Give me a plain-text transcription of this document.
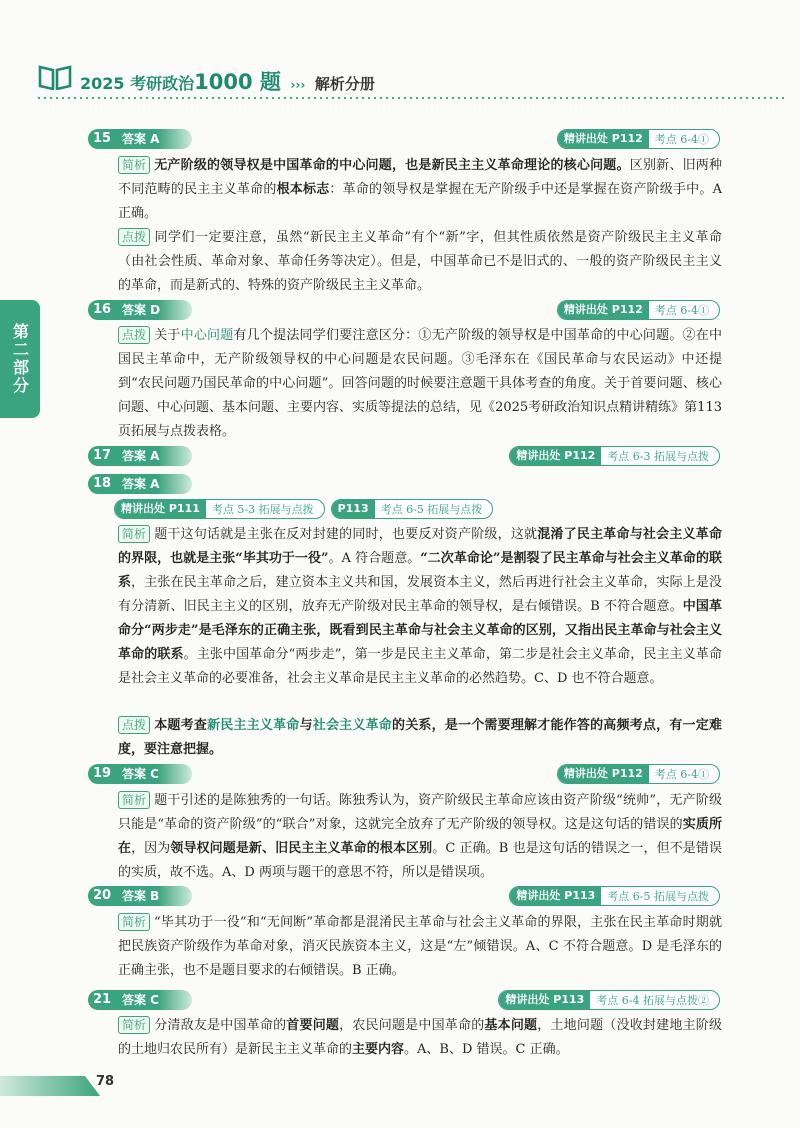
2025 考研政治1000 题 ››› 解析分册
第二部分
15 答案 A	精讲出处 P112	考点 6-4①
简析 无产阶级的领导权是中国革命的中心问题，也是新民主主义革命理论的核心问题。区别新、旧两种不同范畴的民主主义革命的根本标志：革命的领导权是掌握在无产阶级手中还是掌握在资产阶级手中。A 正确。
点拨 同学们一定要注意，虽然“新民主主义革命”有个“新”字，但其性质依然是资产阶级民主主义革命（由社会性质、革命对象、革命任务等决定）。但是，中国革命已不是旧式的、一般的资产阶级民主主义的革命，而是新式的、特殊的资产阶级民主主义革命。
16 答案 D	精讲出处 P112	考点 6-4①
点拨 关于中心问题有几个提法同学们要注意区分：①无产阶级的领导权是中国革命的中心问题。②在中国民主革命中，无产阶级领导权的中心问题是农民问题。③毛泽东在《国民革命与农民运动》中还提到“农民问题乃国民革命的中心问题”。回答问题的时候要注意题干具体考查的角度。关于首要问题、核心问题、中心问题、基本问题、主要内容、实质等提法的总结，见《2025考研政治知识点精讲精练》第113页拓展与点拨表格。
17 答案 A	精讲出处 P112	考点 6-3 拓展与点拨
18 答案 A
精讲出处 P111	考点 5-3 拓展与点拨	P113	考点 6-5 拓展与点拨
简析 题干这句话就是主张在反对封建的同时，也要反对资产阶级，这就混淆了民主革命与社会主义革命的界限，也就是主张“毕其功于一役”。A 符合题意。“二次革命论”是割裂了民主革命与社会主义革命的联系，主张在民主革命之后，建立资本主义共和国，发展资本主义，然后再进行社会主义革命，实际上是没有分清新、旧民主主义的区别，放弃无产阶级对民主革命的领导权，是右倾错误。B 不符合题意。中国革命分“两步走”是毛泽东的正确主张，既看到民主革命与社会主义革命的区别，又指出民主革命与社会主义革命的联系。主张中国革命分“两步走”，第一步是民主主义革命，第二步是社会主义革命，民主主义革命是社会主义革命的必要准备，社会主义革命是民主主义革命的必然趋势。C、D 也不符合题意。
点拨 本题考查新民主主义革命与社会主义革命的关系，是一个需要理解才能作答的高频考点，有一定难度，要注意把握。
19 答案 C	精讲出处 P112	考点 6-4①
简析 题干引述的是陈独秀的一句话。陈独秀认为，资产阶级民主革命应该由资产阶级“统帅”，无产阶级只能是“革命的资产阶级”的“联合”对象，这就完全放弃了无产阶级的领导权。这是这句话的错误的实质所在，因为领导权问题是新、旧民主主义革命的根本区别。C 正确。B 也是这句话的错误之一，但不是错误的实质，故不选。A、D 两项与题干的意思不符，所以是错误项。
20 答案 B	精讲出处 P113	考点 6-5 拓展与点拨
简析 “毕其功于一役”和“无间断”革命都是混淆民主革命与社会主义革命的界限，主张在民主革命时期就把民族资产阶级作为革命对象，消灭民族资本主义，这是“左”倾错误。A、C 不符合题意。D 是毛泽东的正确主张，也不是题目要求的右倾错误。B 正确。
21 答案 C	精讲出处 P113	考点 6-4 拓展与点拨②
简析 分清敌友是中国革命的首要问题，农民问题是中国革命的基本问题，土地问题（没收封建地主阶级的土地归农民所有）是新民主主义革命的主要内容。A、B、D 错误。C 正确。
78
